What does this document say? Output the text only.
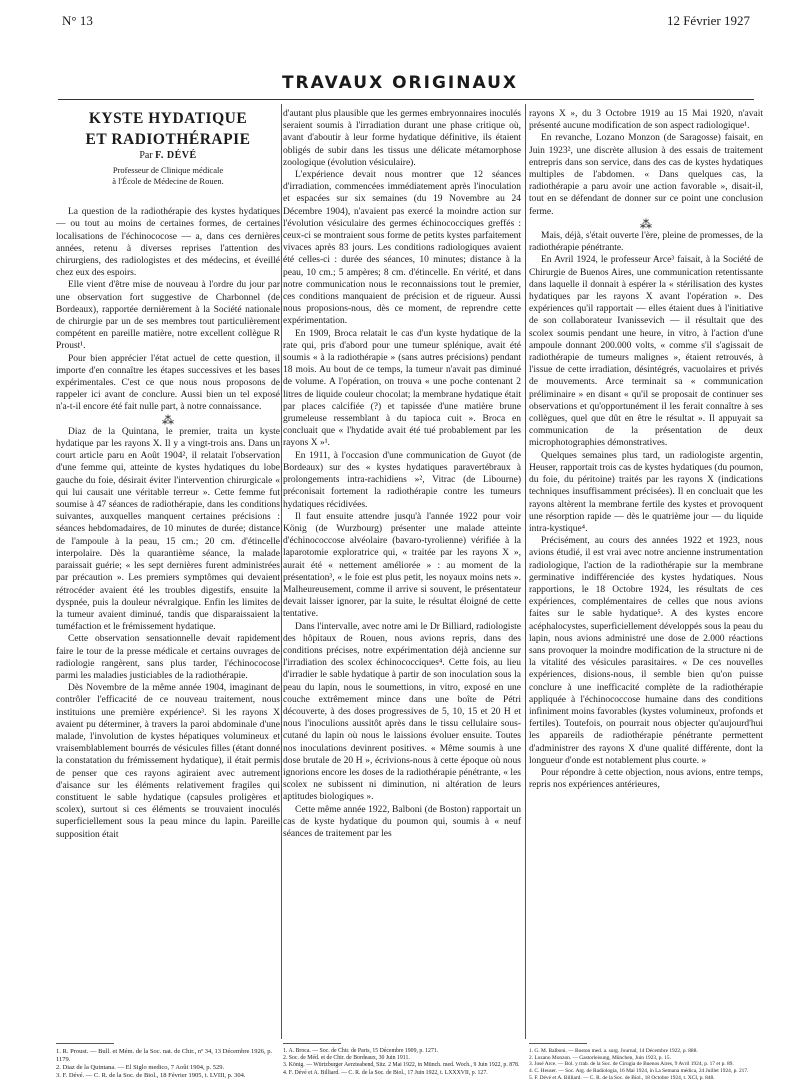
N° 13	12 Février 1927
TRAVAUX ORIGINAUX

KYSTE HYDATIQUE
ET RADIOTHÉRAPIE

Par F. DÉVÉ
Professeur de Clinique médicale
à l'École de Médecine de Rouen.

La question de la radiothérapie des kystes hydatiques — ou tout au moins de certaines formes, de certaines localisations de l'échinococose — a, dans ces dernières années, retenu à diverses reprises l'attention des chirurgiens, des radiologistes et des médecins, et éveillé chez eux des espoirs.

Elle vient d'être mise de nouveau à l'ordre du jour par une observation fort suggestive de Charbonnel (de Bordeaux), rapportée dernièrement à la Société nationale de chirurgie par un de ses membres tout particulièrement compétent en pareille matière, notre excellent collègue R Proust¹.

Pour bien apprécier l'état actuel de cette question, il importe d'en connaître les étapes successives et les bases expérimentales. C'est ce que nous nous proposons de rappeler ici avant de conclure. Aussi bien un tel exposé n'a-t-il encore été fait nulle part, à notre connaissance.

⁂

Diaz de la Quintana, le premier, traita un kyste hydatique par les rayons X. Il y a vingt-trois ans. Dans un court article paru en Août 1904², il relatait l'observation d'une femme qui, atteinte de kystes hydatiques du lobe gauche du foie, désirait éviter l'intervention chirurgicale « qui lui causait une véritable terreur ». Cette femme fut soumise à 47 séances de radiothérapie, dans les conditions suivantes, auxquelles manquent certaines précisions : séances hebdomadaires, de 10 minutes de durée; distance de l'ampoule à la peau, 15 cm.; 20 cm. d'étincelle interpolaire. Dès la quarantième séance, la malade paraissait guérie; « les sept dernières furent administrées par précaution ». Les premiers symptômes qui devaient rétrocéder avaient été les troubles digestifs, ensuite la dyspnée, puis la douleur névralgique. Enfin les limites de la tumeur avaient diminué, tandis que disparaissaient la tuméfaction et le frémissement hydatique.

Cette observation sensationnelle devait rapidement faire le tour de la presse médicale et certains ouvrages de radiologie rangèrent, sans plus tarder, l'échinococose parmi les maladies justiciables de la radiothérapie.

Dès Novembre de la même année 1904, imaginant de contrôler l'efficacité de ce nouveau traitement, nous instituions une première expérience³. Si les rayons X avaient pu déterminer, à travers la paroi abdominale d'une malade, l'involution de kystes hépatiques volumineux et vraisemblablement bourrés de vésicules filles (étant donné la constatation du frémissement hydatique), il était permis de penser que ces rayons agiraient avec autrement d'aisance sur les éléments relativement fragiles qui constituent le sable hydatique (capsules proligères et scolex), surtout si ces éléments se trouvaient inoculés superficiellement sous la peau mince du lapin. Pareille supposition était

d'autant plus plausible que les germes embryonnaires inoculés seraient soumis à l'irradiation durant une phase critique où, avant d'aboutir à leur forme hydatique définitive, ils étaient obligés de subir dans les tissus une délicate métamorphose zoologique (évolution vésiculaire).

L'expérience devait nous montrer que 12 séances d'irradiation, commencées immédiatement après l'inoculation et espacées sur six semaines (du 19 Novembre au 24 Décembre 1904), n'avaient pas exercé la moindre action sur l'évolution vésiculaire des germes échinococciques greffés : ceux-ci se montraient sous forme de petits kystes parfaitement vivaces après 83 jours. Les conditions radiologiques avaient été celles-ci : durée des séances, 10 minutes; distance à la peau, 10 cm.; 5 ampères; 8 cm. d'étincelle. En vérité, et dans notre communication nous le reconnaissions tout le premier, ces conditions manquaient de précision et de rigueur. Aussi nous proposions-nous, dès ce moment, de reprendre cette expérimentation.

En 1909, Broca relatait le cas d'un kyste hydatique de la rate qui, pris d'abord pour une tumeur splénique, avait été soumis « à la radiothérapie » (sans autres précisions) pendant 18 mois. Au bout de ce temps, la tumeur n'avait pas diminué de volume. A l'opération, on trouva « une poche contenant 2 litres de liquide couleur chocolat; la membrane hydatique était par places calcifiée (?) et tapissée d'une matière brune grumeleuse ressemblant à du tapioca cuit ». Broca en concluait que « l'hydatide avait été tué probablement par les rayons X »¹.

En 1911, à l'occasion d'une communication de Guyot (de Bordeaux) sur des « kystes hydatiques paravertébraux à prolongements intra-rachidiens »², Vitrac (de Libourne) préconisait fortement la radiothérapie contre les tumeurs hydatiques récidivées.

Il faut ensuite attendre jusqu'à l'année 1922 pour voir König (de Wurzbourg) présenter une malade atteinte d'échinococcose alvéolaire (bavaro-tyrolienne) vérifiée à la laparotomie exploratrice qui, « traitée par les rayons X », aurait été « nettement améliorée » : au moment de la présentation³, « le foie est plus petit, les noyaux moins nets ». Malheureusement, comme il arrive si souvent, le présentateur devait laisser ignorer, par la suite, le résultat éloigné de cette tentative.

Dans l'intervalle, avec notre ami le Dr Billiard, radiologiste des hôpitaux de Rouen, nous avions repris, dans des conditions précises, notre expérimentation déjà ancienne sur l'irradiation des scolex échinococciques⁴. Cette fois, au lieu d'irradier le sable hydatique à partir de son inoculation sous la peau du lapin, nous le soumettions, in vitro, exposé en une couche extrêmement mince dans une boîte de Pétri découverte, à des doses progressives de 5, 10, 15 et 20 H et nous l'inoculions aussitôt après dans le tissu cellulaire sous-cutané du lapin où nous le laissions évoluer ensuite. Toutes nos inoculations devinrent positives. « Même soumis à une dose brutale de 20 H », écrivions-nous à cette époque où nous ignorions encore les doses de la radiothérapie pénétrante, « les scolex ne subissent ni diminution, ni altération de leurs aptitudes biologiques ».

Cette même année 1922, Balboni (de Boston) rapportait un cas de kyste hydatique du poumon qui, soumis à « neuf séances de traitement par les

rayons X », du 3 Octobre 1919 au 15 Mai 1920, n'avait présenté aucune modification de son aspect radiologique¹.

En revanche, Lozano Monzon (de Saragosse) faisait, en Juin 1923², une discrète allusion à des essais de traitement entrepris dans son service, dans des cas de kystes hydatiques multiples de l'abdomen. « Dans quelques cas, la radiothérapie a paru avoir une action favorable », disait-il, tout en se défendant de donner sur ce point une conclusion ferme.

⁂

Mais, déjà, s'était ouverte l'ère, pleine de promesses, de la radiothérapie pénétrante.

En Avril 1924, le professeur Arce³ faisait, à la Société de Chirurgie de Buenos Aires, une communication retentissante dans laquelle il donnait à espérer la « stérilisation des kystes hydatiques par les rayons X avant l'opération ». Des expériences qu'il rapportait — elles étaient dues à l'initiative de son collaborateur Ivanissevich — il résultait que des scolex soumis pendant une heure, in vitro, à l'action d'une ampoule donnant 200.000 volts, « comme s'il s'agissait de radiothérapie de tumeurs malignes », étaient retrouvés, à l'issue de cette irradiation, désintégrés, vacuolaires et privés de mouvements. Arce terminait sa « communication préliminaire » en disant « qu'il se proposait de continuer ses observations et qu'opportunément il les ferait connaître à ses collègues, quel que dût en être le résultat ». Il appuyait sa communication de la présentation de deux microphotographies démonstratives.

Quelques semaines plus tard, un radiologiste argentin, Heuser, rapportait trois cas de kystes hydatiques (du poumon, du foie, du péritoine) traités par les rayons X (indications techniques insuffisamment précisées). Il en concluait que les rayons altèrent la membrane fertile des kystes et provoquent une résorption rapide — dès le quatrième jour — du liquide intra-kystique⁴.

Précisément, au cours des années 1922 et 1923, nous avions étudié, il est vrai avec notre ancienne instrumentation radiologique, l'action de la radiothérapie sur la membrane germinative indifférenciée des kystes hydatiques. Nous rapportions, le 18 Octobre 1924, les résultats de ces expériences, complémentaires de celles que nous avions faites sur le sable hydatique⁵. A des kystes encore acéphalocystes, superficiellement développés sous la peau du lapin, nous avions administré une dose de 2.000 réactions sans provoquer la moindre modification de la structure ni de la vitalité des vésicules parasitaires. « De ces nouvelles expériences, disions-nous, il semble bien qu'on puisse conclure à une inefficacité complète de la radiothérapie appliquée à l'échinococcose humaine dans des conditions infiniment moins favorables (kystes volumineux, profonds et fertiles). Toutefois, on pourrait nous objecter qu'aujourd'hui les appareils de radiothérapie pénétrante permettent d'administrer des rayons X d'une qualité différente, dont la longueur d'onde est notablement plus courte. »

Pour répondre à cette objection, nous avions, entre temps, repris nos expériences antérieures,

1. R. Proust. — Bull. et Mém. de la Soc. nat. de Chir., nº 34, 13 Décembre 1926, p. 1179.
2. Diaz de la Quintana. — El Siglo medico, 7 Août 1904, p. 529.
3. F. Dévé. — C. R. de la Soc. de Biol., 18 Février 1905, t. LVIII, p. 304.
1. A. Broca. — Soc. de Chir. de Paris, 15 Décembre 1909, p. 1271.
2. Soc. de Méd. et de Chir. de Bordeaux, 30 Juin 1911.
3. König. — Würtzburger Aerzteabend, Sitz. 2 Mai 1922, in Münch. med. Woch., 9 Juin 1922, p. 878.
4. F. Dévé et A. Billiard. — C. R. de la Soc. de Biol., 17 Juin 1922, t. LXXXVII, p. 127.
1. G. M. Balboni. — Boston med. a. surg. Journal, 14 Décembre 1922, p. 888.
2. Lozano Monzon. — Gastorleisung, München, Juin 1923, p. 15.
3. José Arce. — Bol. y trab. de la Soc. de Cirugia de Buenos Aires, 9 Avril 1924, p. 17 et p. 89.
4. C. Heuser. — Soc. Arg. de Radiologia, 16 Mai 1924, in La Semana médica, 24 Juillet 1924, p. 217.
5. F. Dévé et A. Billiard. — C. R. de la Soc. de Biol., 18 Octobre 1924, t. XCI, p. 848.
